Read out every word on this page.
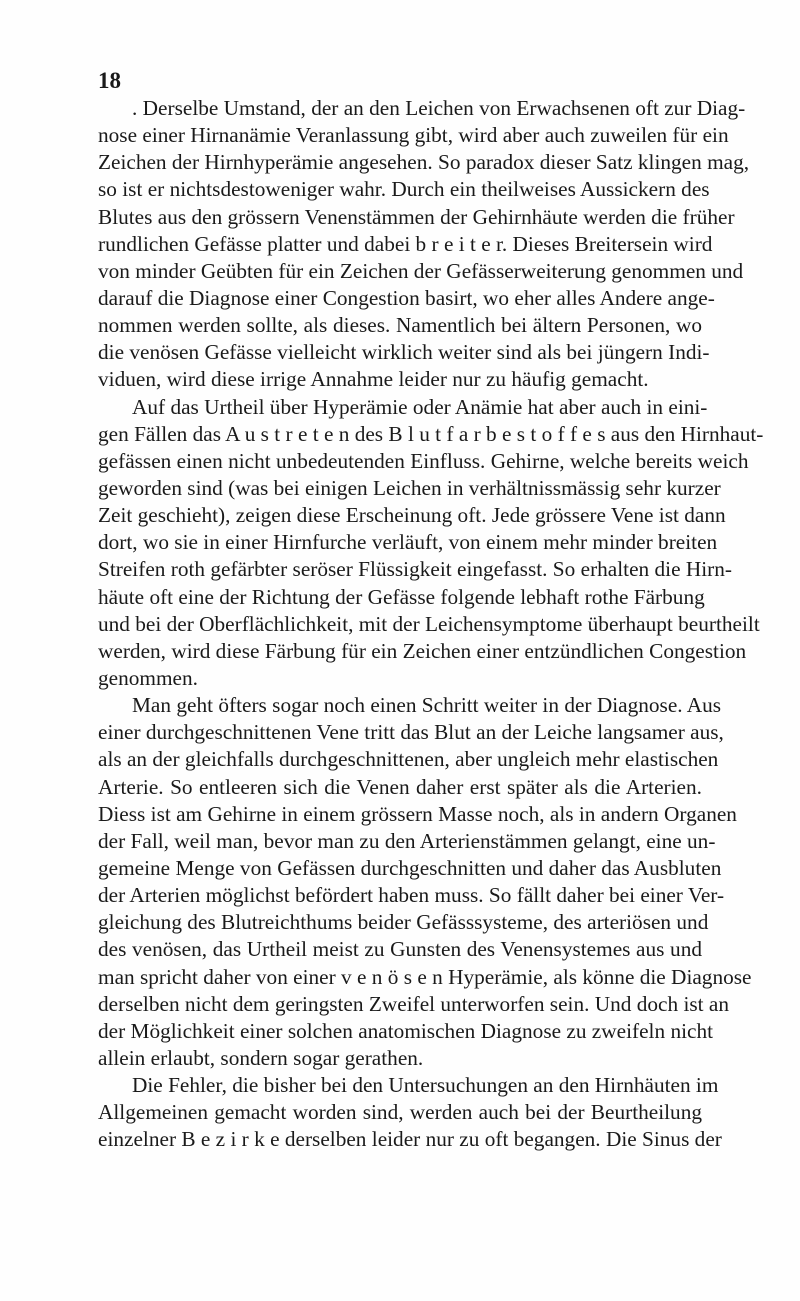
18
. Derselbe Umstand, der an den Leichen von Erwachsenen oft zur Diag-
nose einer Hirnanämie Veranlassung gibt, wird aber auch zuweilen für ein
Zeichen der Hirnhyperämie angesehen. So paradox dieser Satz klingen mag,
so ist er nichtsdestoweniger wahr. Durch ein theilweises Aussickern des
Blutes aus den grössern Venenstämmen der Gehirnhäute werden die früher
rundlichen Gefässe platter und dabei b r e i t e r. Dieses Breitersein wird
von minder Geübten für ein Zeichen der Gefässerweiterung genommen und
darauf die Diagnose einer Congestion basirt, wo eher alles Andere ange-
nommen werden sollte, als dieses. Namentlich bei ältern Personen, wo
die venösen Gefässe vielleicht wirklich weiter sind als bei jüngern Indi-
viduen, wird diese irrige Annahme leider nur zu häufig gemacht.
Auf das Urtheil über Hyperämie oder Anämie hat aber auch in eini-
gen Fällen das A u s t r e t e n des B l u t f a r b e s t o f f e s aus den Hirnhaut-
gefässen einen nicht unbedeutenden Einfluss. Gehirne, welche bereits weich
geworden sind (was bei einigen Leichen in verhältnissmässig sehr kurzer
Zeit geschieht), zeigen diese Erscheinung oft. Jede grössere Vene ist dann
dort, wo sie in einer Hirnfurche verläuft, von einem mehr minder breiten
Streifen roth gefärbter seröser Flüssigkeit eingefasst. So erhalten die Hirn-
häute oft eine der Richtung der Gefässe folgende lebhaft rothe Färbung
und bei der Oberflächlichkeit, mit der Leichensymptome überhaupt beurtheilt
werden, wird diese Färbung für ein Zeichen einer entzündlichen Congestion
genommen.
Man geht öfters sogar noch einen Schritt weiter in der Diagnose. Aus
einer durchgeschnittenen Vene tritt das Blut an der Leiche langsamer aus,
als an der gleichfalls durchgeschnittenen, aber ungleich mehr elastischen
Arterie. So entleeren sich die Venen daher erst später als die Arterien.
Diess ist am Gehirne in einem grössern Masse noch, als in andern Organen
der Fall, weil man, bevor man zu den Arterienstämmen gelangt, eine un-
gemeine Menge von Gefässen durchgeschnitten und daher das Ausbluten
der Arterien möglichst befördert haben muss. So fällt daher bei einer Ver-
gleichung des Blutreichthums beider Gefässsysteme, des arteriösen und
des venösen, das Urtheil meist zu Gunsten des Venensystemes aus und
man spricht daher von einer v e n ö s e n Hyperämie, als könne die Diagnose
derselben nicht dem geringsten Zweifel unterworfen sein. Und doch ist an
der Möglichkeit einer solchen anatomischen Diagnose zu zweifeln nicht
allein erlaubt, sondern sogar gerathen.
Die Fehler, die bisher bei den Untersuchungen an den Hirnhäuten im
Allgemeinen gemacht worden sind, werden auch bei der Beurtheilung
einzelner B e z i r k e derselben leider nur zu oft begangen. Die Sinus der
